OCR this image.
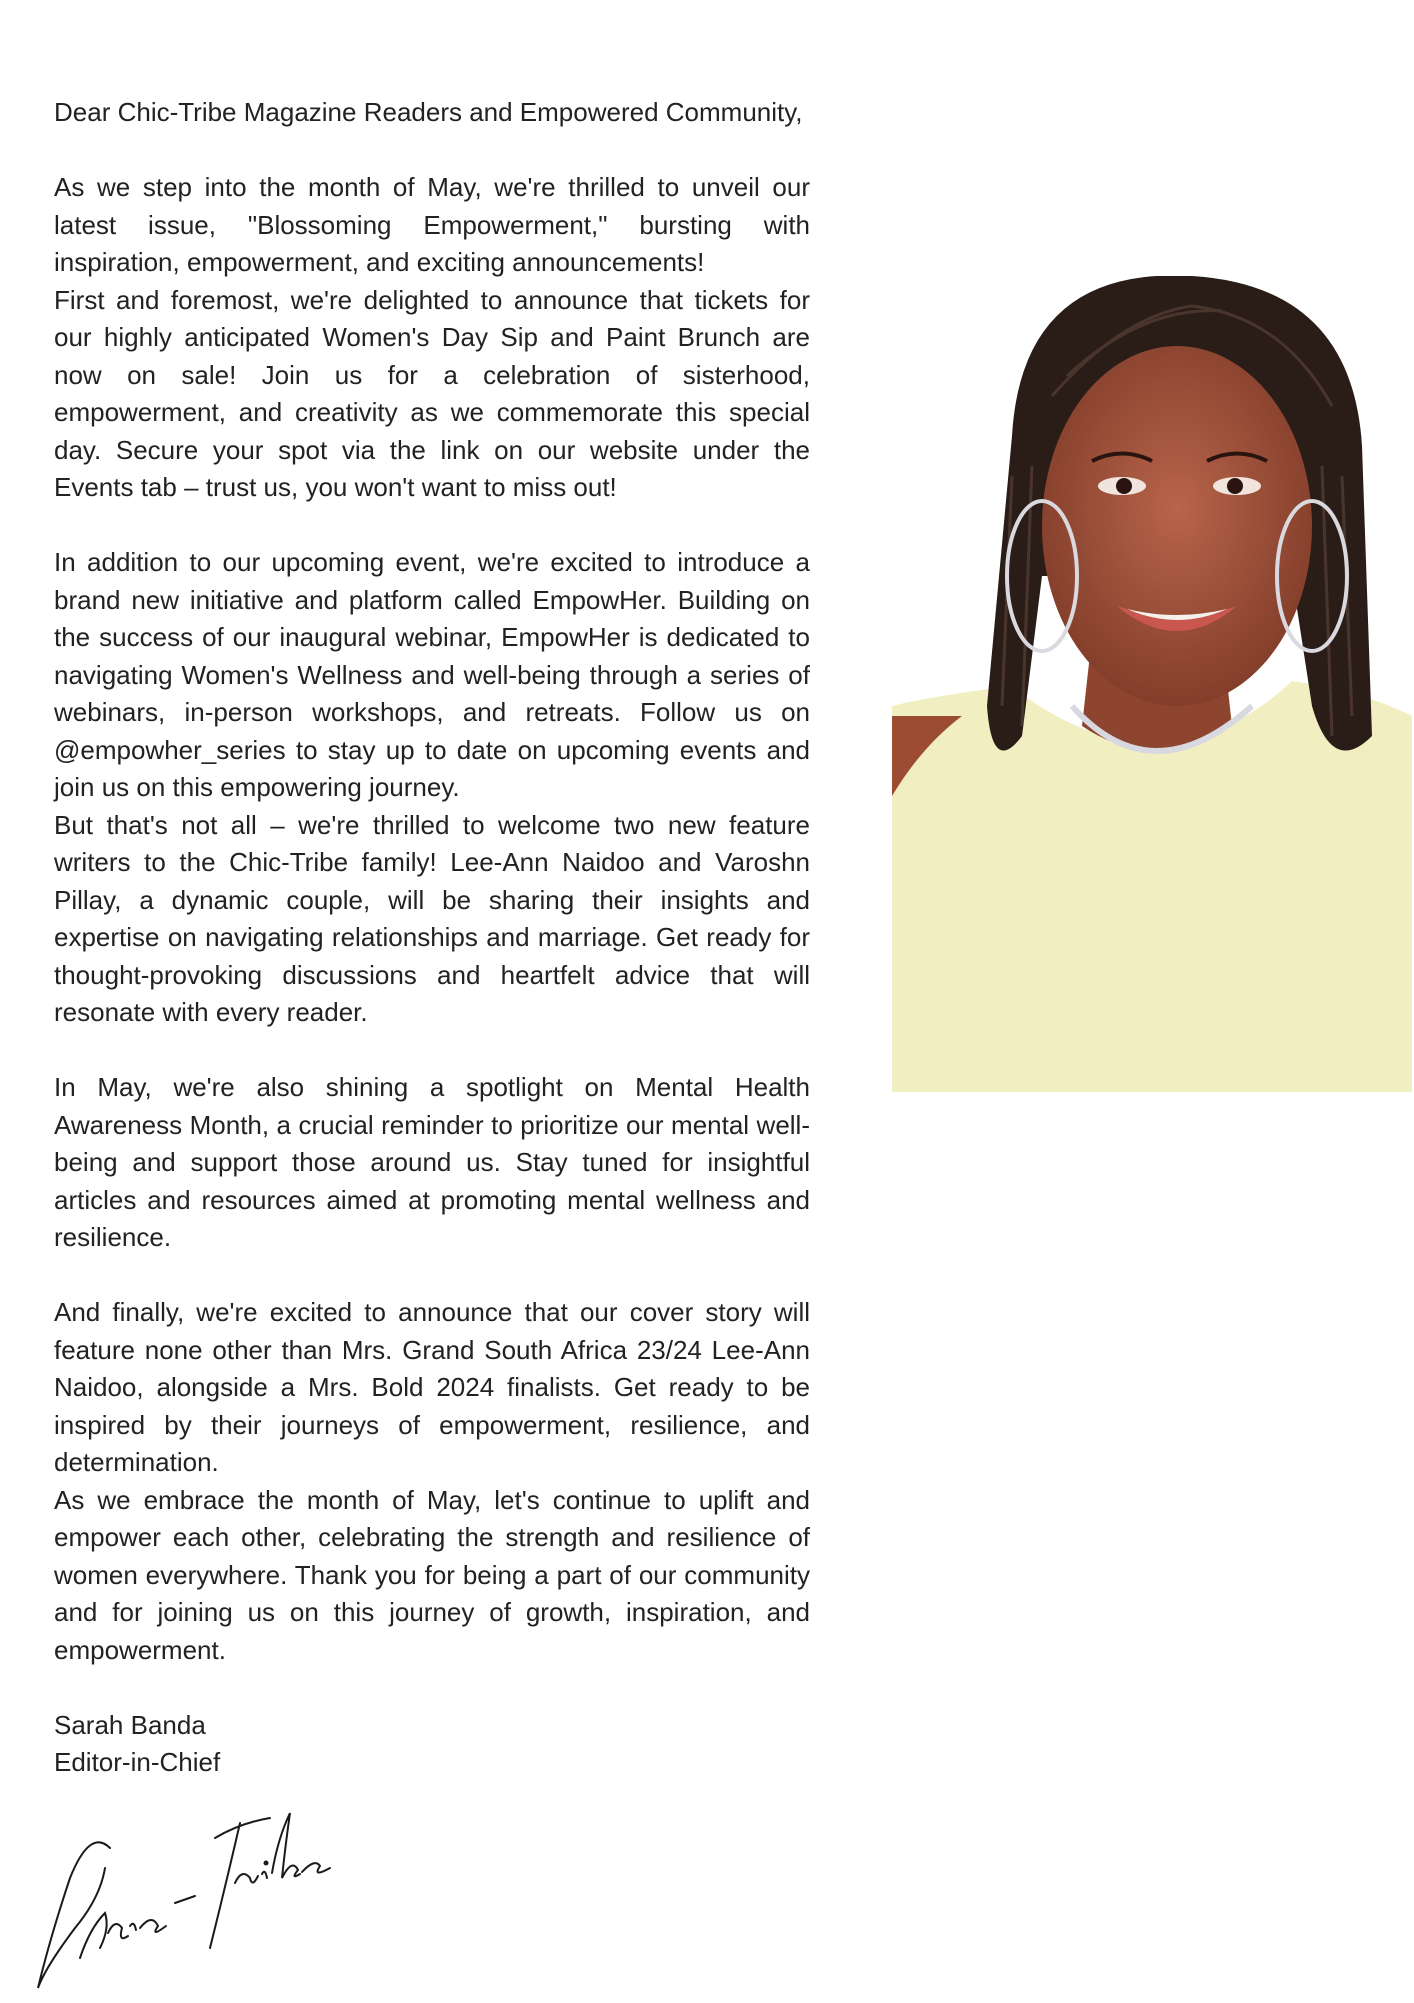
Dear Chic-Tribe Magazine Readers and Empowered Community,

As we step into the month of May, we're thrilled to unveil our latest issue, "Blossoming Empowerment," bursting with inspiration, empowerment, and exciting announcements!

First and foremost, we're delighted to announce that tickets for our highly anticipated Women's Day Sip and Paint Brunch are now on sale! Join us for a celebration of sisterhood, empowerment, and creativity as we commemorate this special day. Secure your spot via the link on our website under the Events tab – trust us, you won't want to miss out!

In addition to our upcoming event, we're excited to introduce a brand new initiative and platform called EmpowHer. Building on the success of our inaugural webinar, EmpowHer is dedicated to navigating Women's Wellness and well-being through a series of webinars, in-person workshops, and retreats. Follow us on @empowher_series to stay up to date on upcoming events and join us on this empowering journey.

But that's not all – we're thrilled to welcome two new feature writers to the Chic-Tribe family! Lee-Ann Naidoo and Varoshn Pillay, a dynamic couple, will be sharing their insights and expertise on navigating relationships and marriage. Get ready for thought-provoking discussions and heartfelt advice that will resonate with every reader.

In May, we're also shining a spotlight on Mental Health Awareness Month, a crucial reminder to prioritize our mental well-being and support those around us. Stay tuned for insightful articles and resources aimed at promoting mental wellness and resilience.

And finally, we're excited to announce that our cover story will feature none other than Mrs. Grand South Africa 23/24 Lee-Ann Naidoo, alongside a Mrs. Bold 2024 finalists. Get ready to be inspired by their journeys of empowerment, resilience, and determination.

As we embrace the month of May, let's continue to uplift and empower each other, celebrating the strength and resilience of women everywhere. Thank you for being a part of our community and for joining us on this journey of growth, inspiration, and empowerment.

Sarah Banda

Editor-in-Chief
